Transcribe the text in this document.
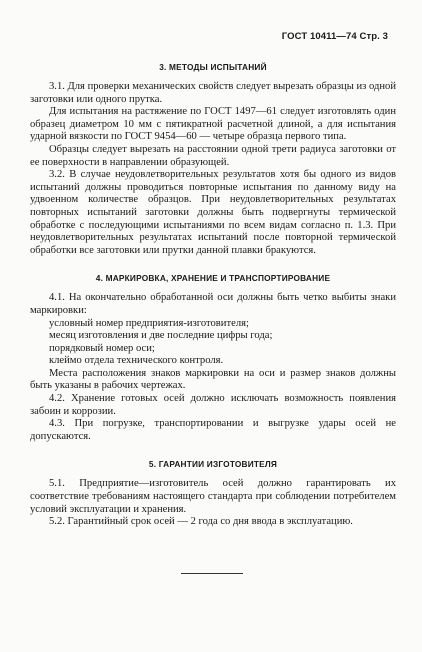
ГОСТ 10411—74 Стр. 3
3. МЕТОДЫ ИСПЫТАНИЙ

3.1. Для проверки механических свойств следует вырезать образцы из одной заготовки или одного прутка.

Для испытания на растяжение по ГОСТ 1497—61 следует изготовлять один образец диаметром 10 мм с пятикратной расчетной длиной, а для испытания ударной вязкости по ГОСТ 9454—60 — четыре образца первого типа.

Образцы следует вырезать на расстоянии одной трети радиуса заготовки от ее поверхности в направлении образующей.

3.2. В случае неудовлетворительных результатов хотя бы одного из видов испытаний должны проводиться повторные испытания по данному виду на удвоенном количестве образцов. При неудовлетворительных результатах повторных испытаний заготовки должны быть подвергнуты термической обработке с последующими испытаниями по всем видам согласно п. 1.3. При неудовлетворительных результатах испытаний после повторной термической обработки все заготовки или прутки данной плавки бракуются.

4. МАРКИРОВКА, ХРАНЕНИЕ И ТРАНСПОРТИРОВАНИЕ

4.1. На окончательно обработанной оси должны быть четко выбиты знаки маркировки:

условный номер предприятия-изготовителя;

месяц изготовления и две последние цифры года;

порядковый номер оси;

клеймо отдела технического контроля.

Места расположения знаков маркировки на оси и размер знаков должны быть указаны в рабочих чертежах.

4.2. Хранение готовых осей должно исключать возможность появления забоин и коррозии.

4.3. При погрузке, транспортировании и выгрузке удары осей не допускаются.

5. ГАРАНТИИ ИЗГОТОВИТЕЛЯ

5.1. Предприятие—изготовитель осей должно гарантировать их соответствие требованиям настоящего стандарта при соблюдении потребителем условий эксплуатации и хранения.

5.2. Гарантийный срок осей — 2 года со дня ввода в эксплуатацию.
